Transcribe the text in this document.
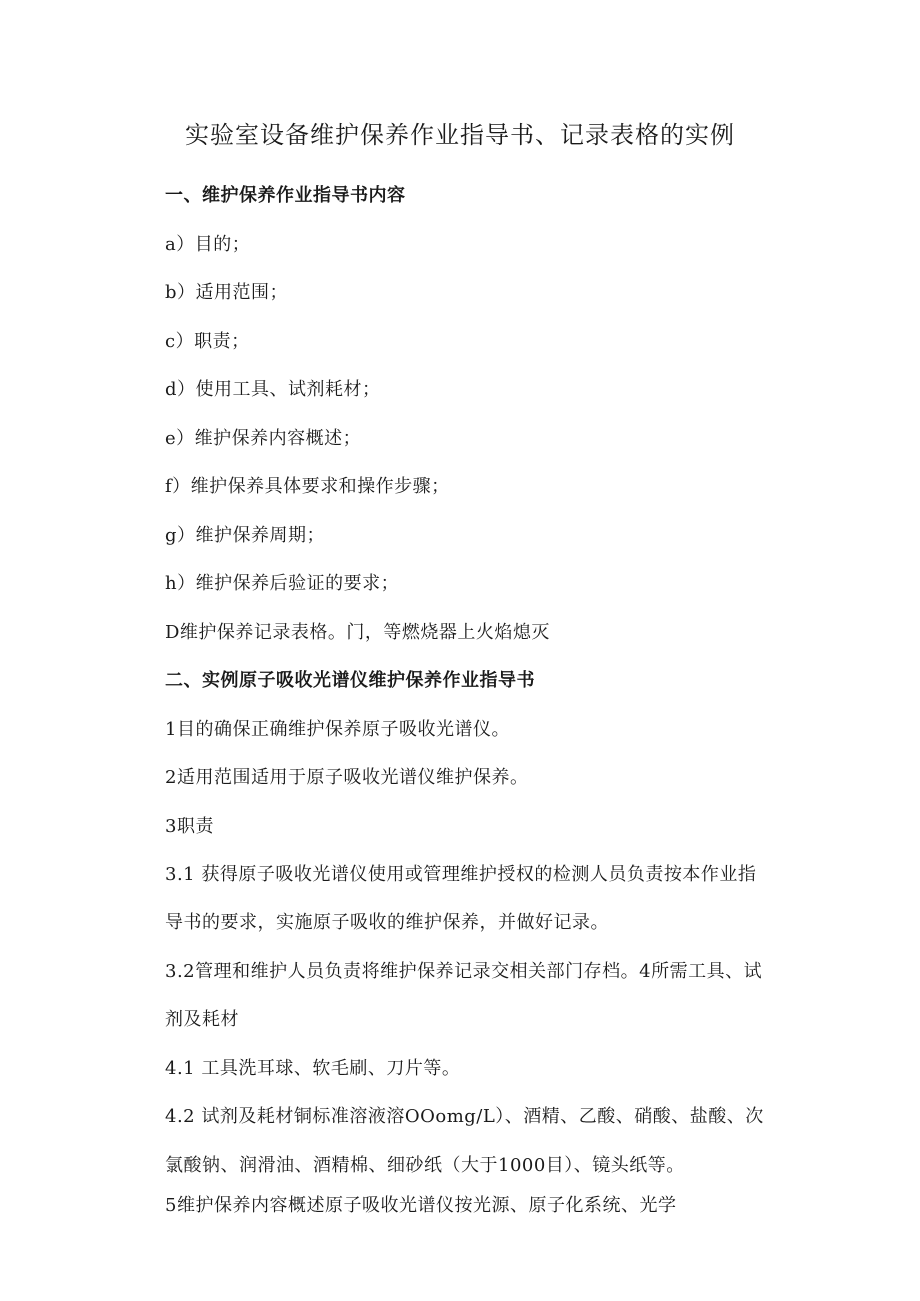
实验室设备维护保养作业指导书、记录表格的实例
一、维护保养作业指导书内容
a）目的；
b）适用范围；
c）职责；
d）使用工具、试剂耗材；
e）维护保养内容概述；
f）维护保养具体要求和操作步骤；
g）维护保养周期；
h）维护保养后验证的要求；
D维护保养记录表格。门，等燃烧器上火焰熄灭
二、实例原子吸收光谱仪维护保养作业指导书
1目的确保正确维护保养原子吸收光谱仪。
2适用范围适用于原子吸收光谱仪维护保养。
3职责
3.1 获得原子吸收光谱仪使用或管理维护授权的检测人员负责按本作业指
导书的要求，实施原子吸收的维护保养，并做好记录。
3.2管理和维护人员负责将维护保养记录交相关部门存档。4所需工具、试
剂及耗材
4.1 工具洗耳球、软毛刷、刀片等。
4.2 试剂及耗材铜标准溶液溶OOomg/L）、酒精、乙酸、硝酸、盐酸、次
氯酸钠、润滑油、酒精棉、细砂纸（大于1000目）、镜头纸等。
5维护保养内容概述原子吸收光谱仪按光源、原子化系统、光学
